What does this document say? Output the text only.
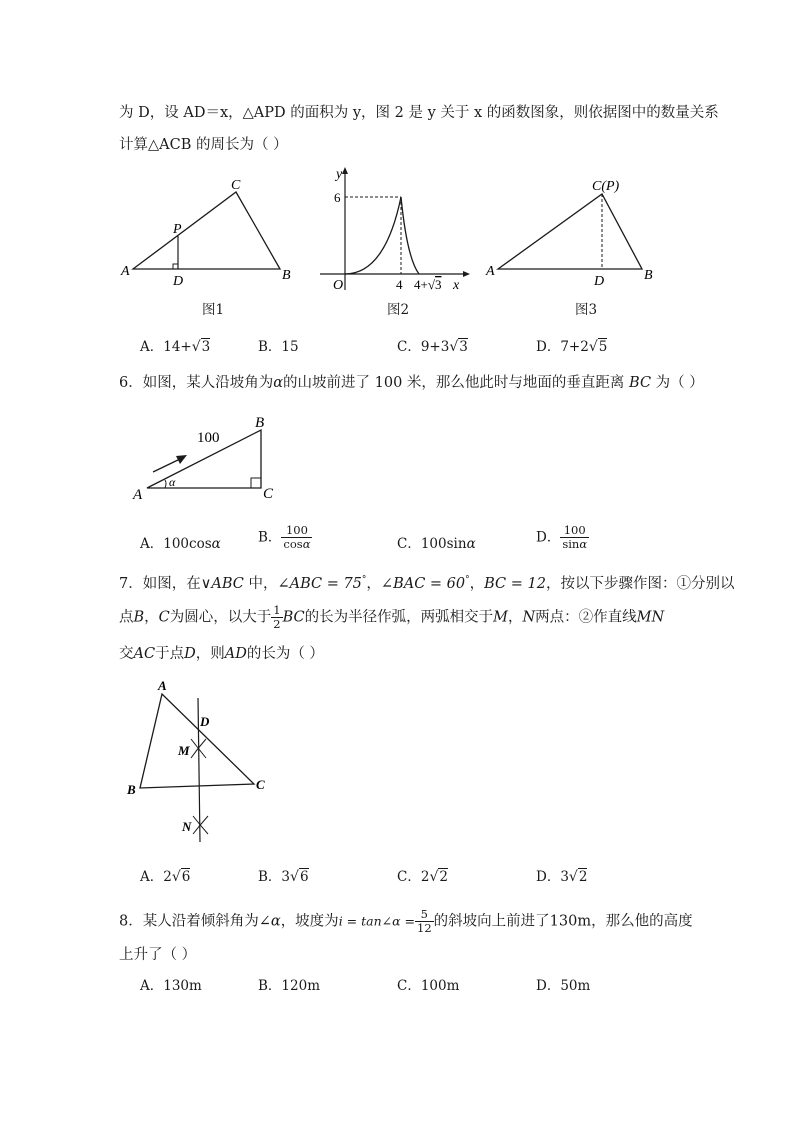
为 D，设 AD＝x，△APD 的面积为 y，图 2 是 y 关于 x 的函数图象，则依据图中的数量关系
计算△ACB 的周长为（ ）
A
C
B
P
D
图1
y
x
O
6
4 4+√3
图2
A
C(P)
B
D
图3
A．14+√3	B．15	C．9+3√3	D．7+2√5
6．如图，某人沿坡角为α的山坡前进了 100 米，那么他此时与地面的垂直距离 BC 为（ ）
100
B
C
A
α
A．100cosα	B． $\frac{100}{\cos\alpha}$	C．100sinα	D． $\frac{100}{\sin\alpha}$
7．如图，在∨ABC 中，∠ABC = 75°，∠BAC = 60°，BC = 12，按以下步骤作图：①分别以
点B，C为圆心，以大于 $\frac{1}{2}$ BC的长为半径作弧，两弧相交于M，N两点：②作直线MN
交AC于点D，则AD的长为（ ）
A
B	C
D
M
N
A．2√6	B．3√6	C．2√2	D．3√2
8．某人沿着倾斜角为∠α，坡度为i = tan∠α = $\frac{5}{12}$ 的斜坡向上前进了130m，那么他的高度
上升了（ ）
A．130m	B．120m	C．100m	D．50m
